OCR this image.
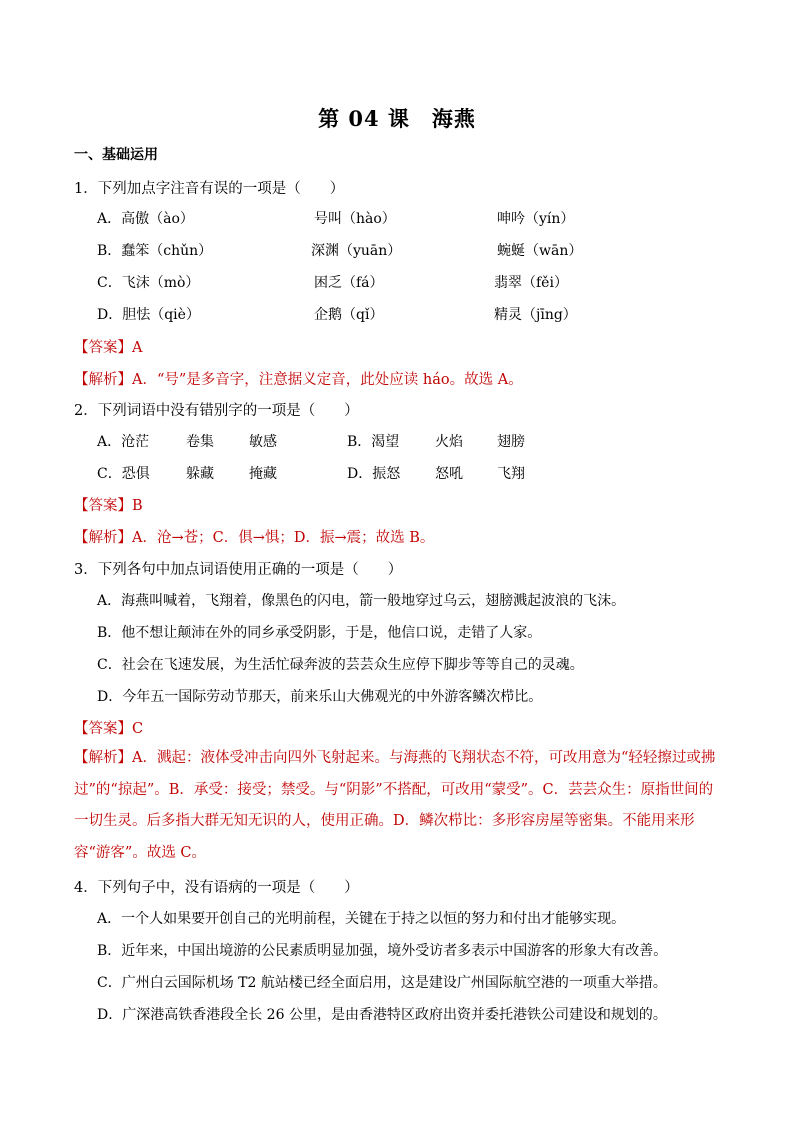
第 04 课　海燕
一、基础运用
1．下列加点字注音有误的一项是（　　）
A．高傲（ào）	号叫（hào）	呻吟（yín）
B．蠢笨（chǔn）	深渊（yuān）	蜿蜒（wān）
C．飞沫（mò）	困乏（fá）	翡翠（fěi）
D．胆怯（qiè）	企鹅（qǐ）	精灵（jīng）
【答案】A
【解析】A．“号”是多音字，注意据义定音，此处应读 háo。故选 A。
2．下列词语中没有错别字的一项是（　　）
A．沧茫	卷集	敏感	B．渴望	火焰 翅膀
C．恐俱	躲藏	掩藏	D．振怒 怒吼 飞翔
【答案】B
【解析】A．沧→苍；C．俱→惧；D．振→震；故选 B。
3．下列各句中加点词语使用正确的一项是（　　）
A．海燕叫喊着，飞翔着，像黑色的闪电，箭一般地穿过乌云，翅膀溅起波浪的飞沫。
B．他不想让颠沛在外的同乡承受阴影，于是，他信口说，走错了人家。
C．社会在飞速发展，为生活忙碌奔波的芸芸众生应停下脚步等等自己的灵魂。
D．今年五一国际劳动节那天，前来乐山大佛观光的中外游客鳞次栉比。
【答案】C
【解析】A．溅起：液体受冲击向四外飞射起来。与海燕的飞翔状态不符，可改用意为“轻轻擦过或拂过”的“掠起”。B．承受：接受；禁受。与“阴影”不搭配，可改用“蒙受”。C．芸芸众生：原指世间的一切生灵。后多指大群无知无识的人，使用正确。D．鳞次栉比：多形容房屋等密集。不能用来形容“游客”。故选 C。
4．下列句子中，没有语病的一项是（　　）
A．一个人如果要开创自己的光明前程，关键在于持之以恒的努力和付出才能够实现。
B．近年来，中国出境游的公民素质明显加强，境外受访者多表示中国游客的形象大有改善。
C．广州白云国际机场 T2 航站楼已经全面启用，这是建设广州国际航空港的一项重大举措。
D．广深港高铁香港段全长 26 公里，是由香港特区政府出资并委托港铁公司建设和规划的。
